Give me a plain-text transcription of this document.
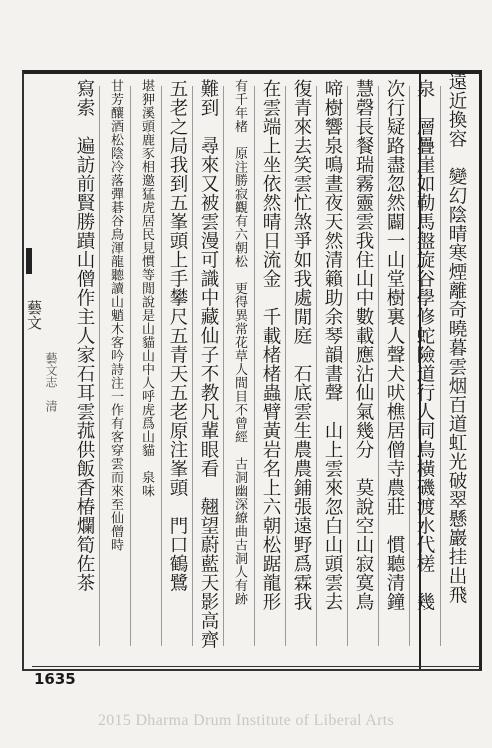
遠近換容　變幻陰晴寒煙離奇曉暮雲烟百道虹光破翠懸巖挂出飛
泉　層疊崖如勒馬盤旋谷學修蛇險道行人同鳥橫磯渡水代槎　幾
次行疑路盡忽然闢一山堂樹裏人聲犬吠樵居僧寺農莊　慣聽清鐘
慧磬長餐瑞霧靈雲我住山中數載應沾仙氣幾分　莫說空山寂寞鳥
啼樹響泉鳴晝夜天然清籟助余琴韻書聲　山上雲來忽白山頭雲去
復青來去笑雲忙煞爭如我處閒庭　石底雲生農農鋪張遠野爲霖我
在雲端上坐依然晴日流金　千載楮楮蟲臂黃岩名上六朝松踞龍形
有千年楮　原注勝寂觀有六朝松　更得異常花草人間目不曾經　古洞幽深繚曲古洞人有跡
難到　尋來又被雲漫可識中藏仙子不教凡輩眼看　翹望蔚藍天影高齊
五老之局我到五峯頭上手攀尺五青天五老原注峯頭　門口鶴鷺
堪狎溪頭鹿豕相邀猛虎居民見慣等閒說是山貓山中人呼虎爲山貓　泉味
甘芳釀酒松陰冷落彈碁谷鳥渾龍聽讀山魈木客吟詩注一作有客穿雲而來至仙僧時
寫索　遍訪前賢勝蹟山僧作主人家石耳雲菰供飯香椿爛筍佐茶
藝文
藝文志　清
1635
2015 Dharma Drum Institute of Liberal Arts
